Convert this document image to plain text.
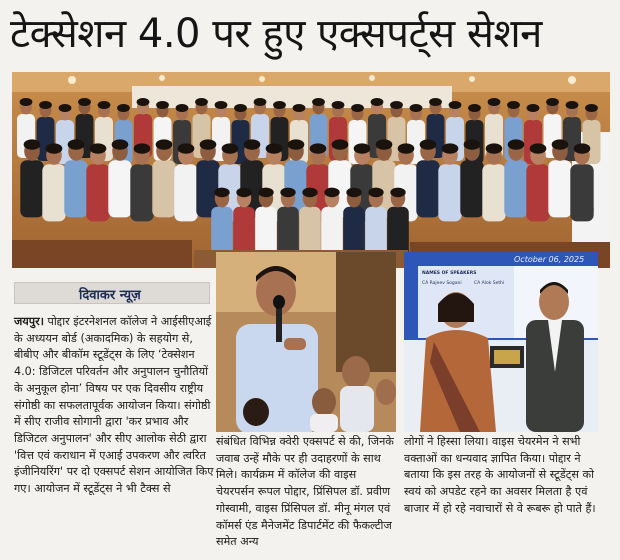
टेक्सेशन 4.0 पर हुए एक्सपर्ट्स सेशन
दिवाकर न्यूज़
October 06, 2025
NAMES OF SPEAKERS
CA Rajeev Sogani	CA Alok Sethi

जयपुर। पोद्दार इंटरनेशनल कॉलेज ने आईसीएआई के अध्ययन बोर्ड (अकादमिक) के सहयोग से, बीबीए और बीकॉम स्टूडेंट्स के लिए ‘टेक्सेशन 4.0: डिजिटल परिवर्तन और अनुपालन चुनौतियों के अनुकूल होना’ विषय पर एक दिवसीय राष्ट्रीय संगोष्ठी का सफलतापूर्वक आयोजन किया। संगोष्ठी में सीए राजीव सोगानी द्वारा 'कर प्रभाव और डिजिटल अनुपालन' और सीए आलोक सेठी द्वारा 'वित्त एवं कराधान में एआई उपकरण और त्वरित इंजीनियरिंग' पर दो एक्सपर्ट सेशन आयोजित किए गए। आयोजन में स्टूडेंट्स ने भी टैक्स से

संबंधित विभिन्न क्वेरी एक्सपर्ट से की, जिनके जवाब उन्हें मौके पर ही उदाहरणों के साथ मिले। कार्यक्रम में कॉलेज की वाइस चेयरपर्सन रूपल पोद्दार, प्रिंसिपल डॉ. प्रवीण गोस्वामी, वाइस प्रिंसिपल डॉ. मीनू मंगल एवं कॉमर्स एंड मैनेजमेंट डिपार्टमेंट की फैकल्टीज समेत अन्य

लोगों ने हिस्सा लिया। वाइस चेयरमेन ने सभी वक्ताओं का धन्यवाद ज्ञापित किया। पोद्दार ने बताया कि इस तरह के आयोजनों से स्टूडेंट्स को स्वयं को अपडेट रहने का अवसर मिलता है एवं बाजार में हो रहे नवाचारों से वे रूबरू हो पाते हैं।
